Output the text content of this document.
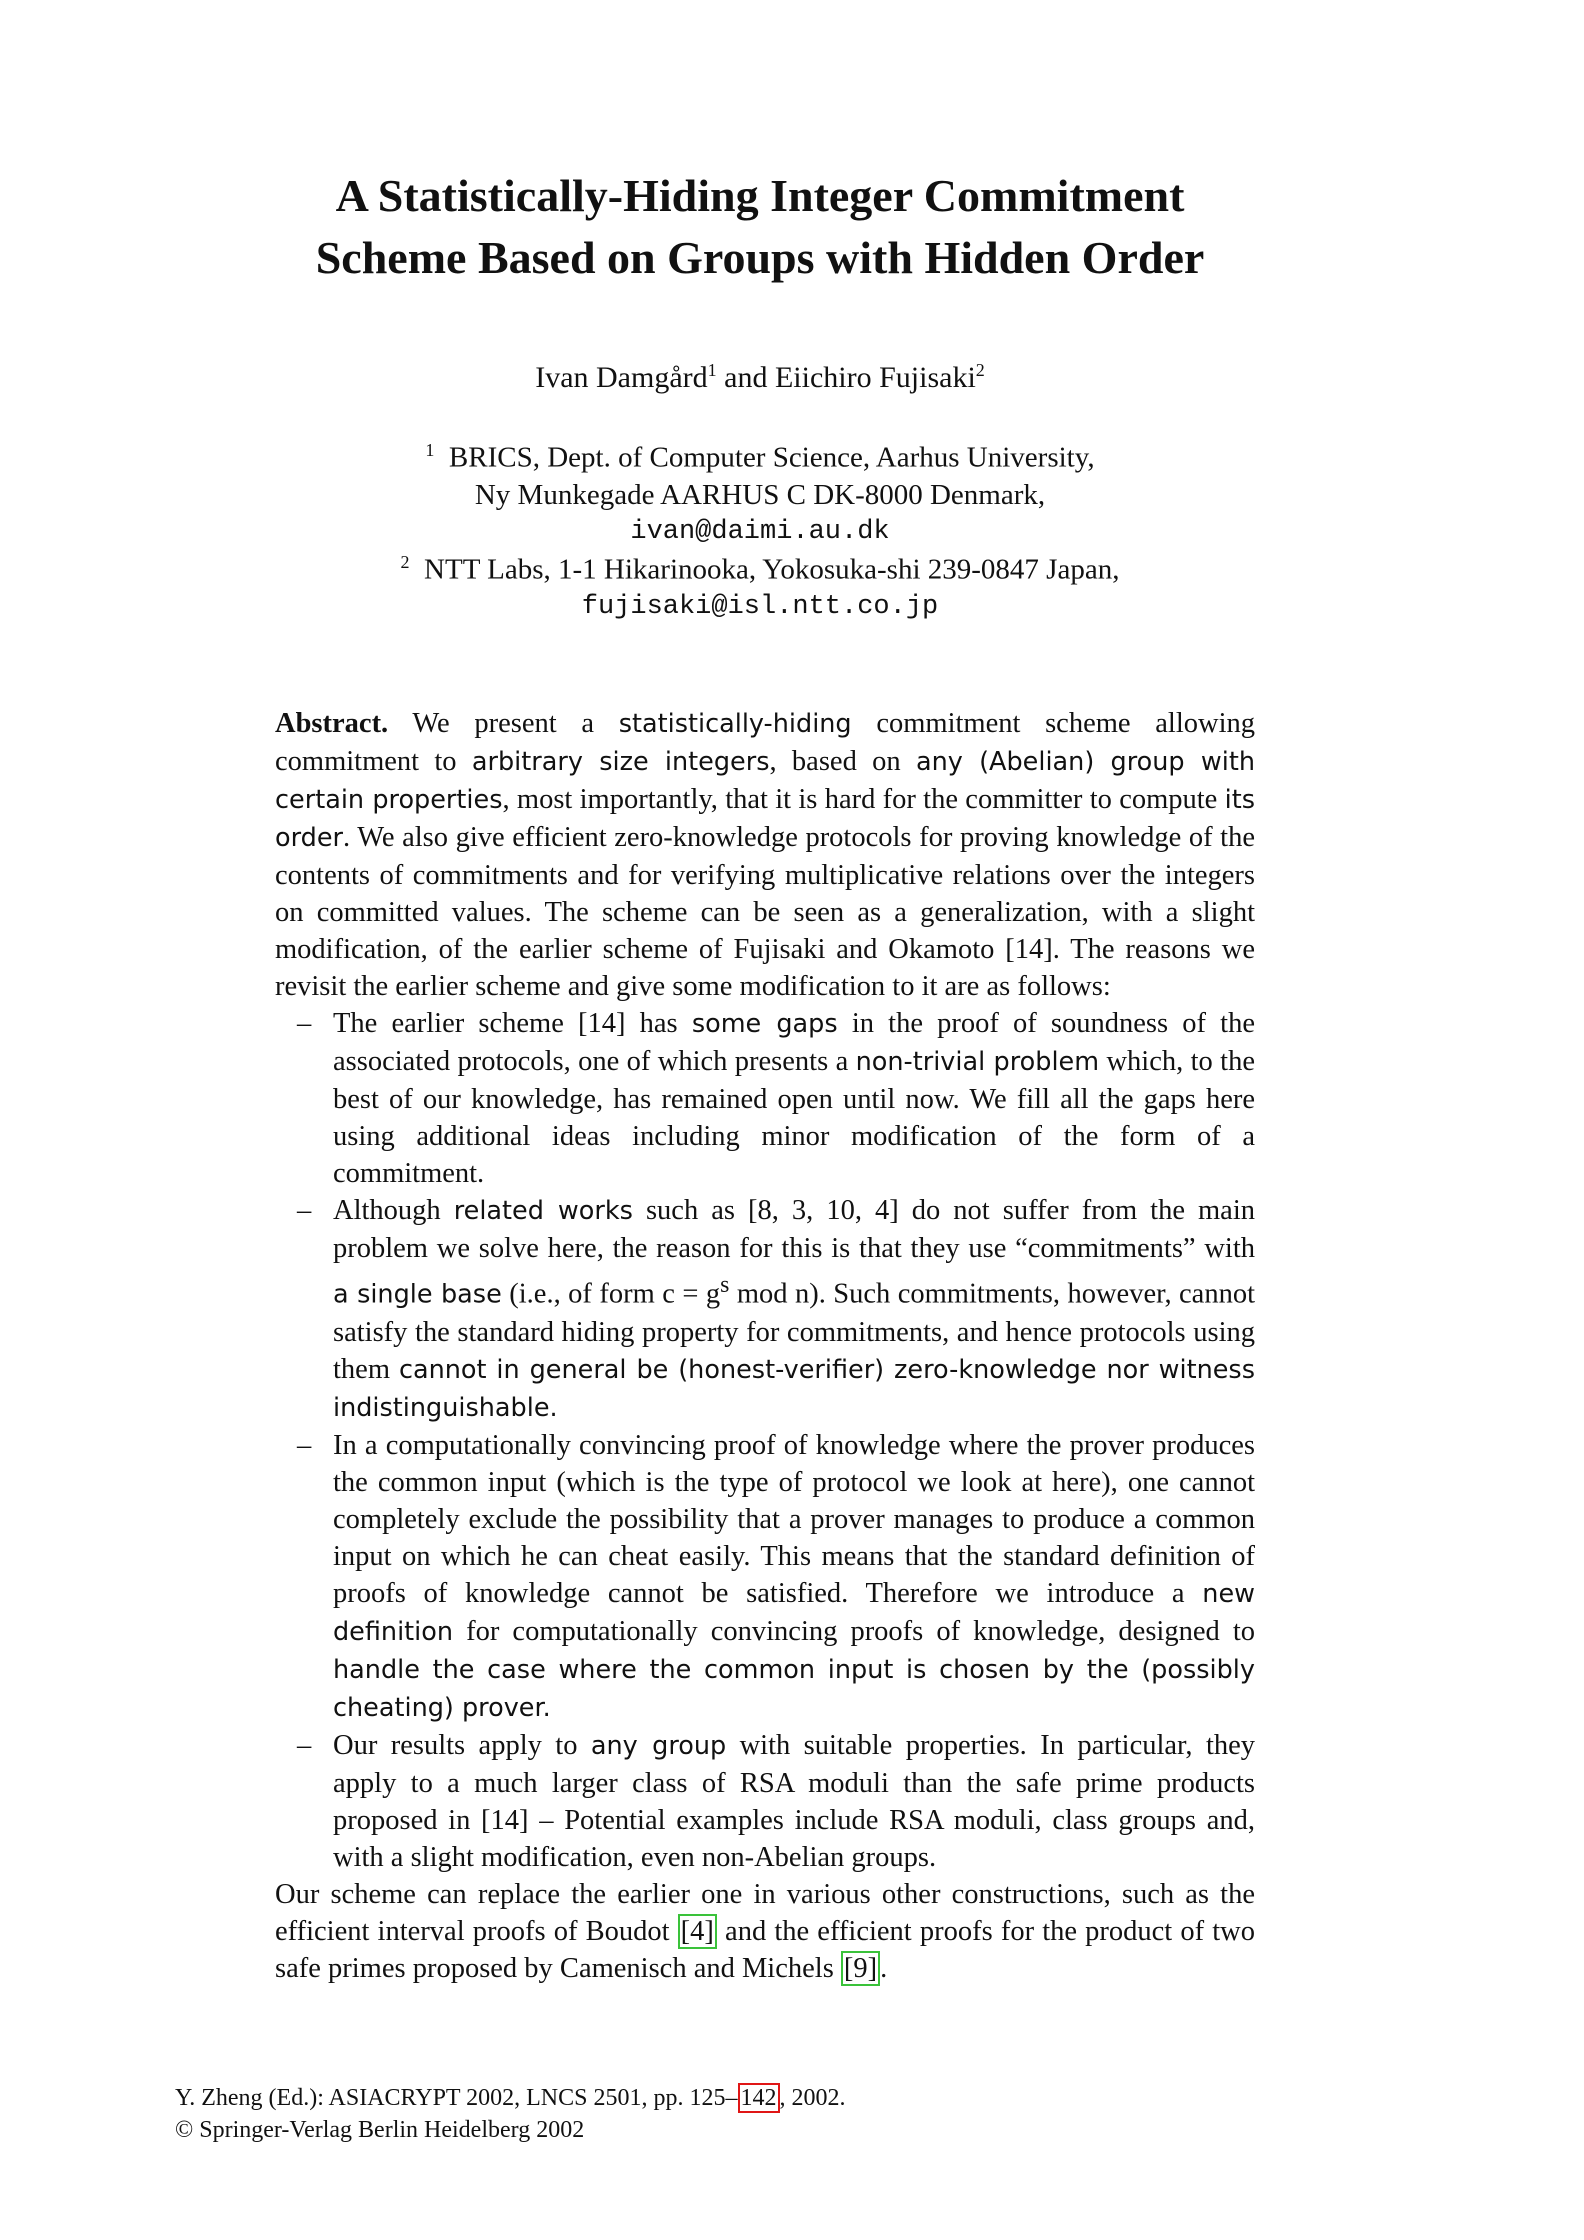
A Statistically-Hiding Integer Commitment
Scheme Based on Groups with Hidden Order
Ivan Damgård$^1$ and Eiichiro Fujisaki$^2$
$^1$ BRICS, Dept. of Computer Science, Aarhus University,
Ny Munkegade AARHUS C DK-8000 Denmark,
ivan@daimi.au.dk
$^2$ NTT Labs, 1-1 Hikarinooka, Yokosuka-shi 239-0847 Japan,
fujisaki@isl.ntt.co.jp
Abstract. We present a statistically-hiding commitment scheme allowing commitment to arbitrary size integers, based on any (Abelian) group with certain properties, most importantly, that it is hard for the committer to compute its order. We also give efficient zero-knowledge protocols for proving knowledge of the contents of commitments and for verifying multiplicative relations over the integers on committed values. The scheme can be seen as a generalization, with a slight modification, of the earlier scheme of Fujisaki and Okamoto [14]. The reasons we revisit the earlier scheme and give some modification to it are as follows:
– The earlier scheme [14] has some gaps in the proof of soundness of the associated protocols, one of which presents a non-trivial problem which, to the best of our knowledge, has remained open until now. We fill all the gaps here using additional ideas including minor modification of the form of a commitment.
– Although related works such as [8, 3, 10, 4] do not suffer from the main problem we solve here, the reason for this is that they use “commitments” with a single base (i.e., of form $c = g^s$ mod n). Such commitments, however, cannot satisfy the standard hiding property for commitments, and hence protocols using them cannot in general be (honest-verifier) zero-knowledge nor witness indistinguishable.
– In a computationally convincing proof of knowledge where the prover produces the common input (which is the type of protocol we look at here), one cannot completely exclude the possibility that a prover manages to produce a common input on which he can cheat easily. This means that the standard definition of proofs of knowledge cannot be satisfied. Therefore we introduce a new definition for computationally convincing proofs of knowledge, designed to handle the case where the common input is chosen by the (possibly cheating) prover.
– Our results apply to any group with suitable properties. In particular, they apply to a much larger class of RSA moduli than the safe prime products proposed in [14] – Potential examples include RSA moduli, class groups and, with a slight modification, even non-Abelian groups.
Our scheme can replace the earlier one in various other constructions, such as the efficient interval proofs of Boudot [4] and the efficient proofs for the product of two safe primes proposed by Camenisch and Michels [9] .
Y. Zheng (Ed.): ASIACRYPT 2002, LNCS 2501, pp. 125– 142 , 2002.
© Springer-Verlag Berlin Heidelberg 2002
